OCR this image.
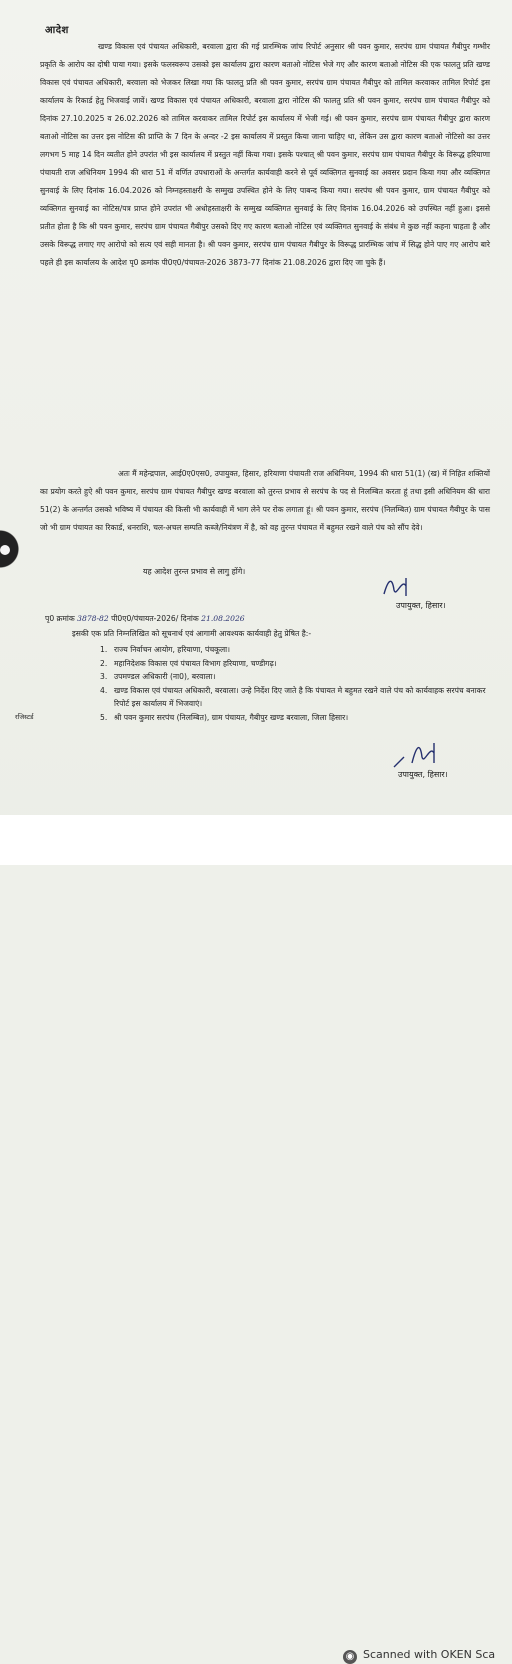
आदेश
खण्ड विकास एवं पंचायत अधिकारी, बरवाला द्वारा की गई प्रारम्भिक जांच रिपोर्ट अनुसार श्री पवन कुमार, सरपंच ग्राम पंचायत गैबीपुर गम्भीर प्रकृति के आरोप का दोषी पाया गया। इसके फलस्वरूप उसको इस कार्यालय द्वारा कारण बताओ नोटिस भेजे गए और कारण बताओ नोटिस की एक फालतु प्रति खण्ड विकास एवं पंचायत अधिकारी, बरवाला को भेजकर लिखा गया कि फालतु प्रति श्री पवन कुमार, सरपंच ग्राम पंचायत गैबीपुर को तामिल करवाकर तामिल रिपोर्ट इस कार्यालय के रिकार्ड हेतु भिजवाई जावें। खण्ड विकास एवं पंचायत अधिकारी, बरवाला द्वारा नोटिस की फालतु प्रति श्री पवन कुमार, सरपंच ग्राम पंचायत गैबीपुर को दिनांक 27.10.2025 व 26.02.2026 को तामिल करवाकर तामिल रिपोर्ट इस कार्यालय में भेजी गई। श्री पवन कुमार, सरपंच ग्राम पंचायत गैबीपुर द्वारा कारण बताओ नोटिस का उत्तर इस नोटिस की प्राप्ति के 7 दिन के अन्दर -2 इस कार्यालय में प्रस्तुत किया जाना चाहिए था, लेकिन उस द्वारा कारण बताओ नोटिसो का उत्तर लगभग 5 माह 14 दिन व्यतीत होने उपरांत भी इस कार्यालय में प्रस्तुत नहीं किया गया। इसके पश्चात् श्री पवन कुमार, सरपंच ग्राम पंचायत गैबीपुर के विरूद्ध हरियाणा पंचायती राज अधिनियम 1994 की धारा 51 में वर्णित उपधाराओं के अन्तर्गत कार्यवाही करने से पूर्व व्यक्तिगत सुनवाई का अवसर प्रदान किया गया और व्यक्तिगत सुनवाई के लिए दिनांक 16.04.2026 को निम्नहस्ताक्षरी के सम्मुख उपस्थित होने के लिए पाबन्द किया गया। सरपंच श्री पवन कुमार, ग्राम पंचायत गैबीपुर को व्यक्तिगत सुनवाई का नोटिस/पत्र प्राप्त होने उपरांत भी अधोहस्ताक्षरी के सम्मुख व्यक्तिगत सुनवाई के लिए दिनांक 16.04.2026 को उपस्थित नहीं हुआ। इससे प्रतीत होता है कि श्री पवन कुमार, सरपंच ग्राम पंचायत गैबीपुर उसको दिए गए कारण बताओ नोटिस एवं व्यक्तिगत सुनवाई के संबंध मे कुछ नहीं कहना चाहता है और उसके विरूद्ध लगाए गए आरोपो को सत्य एवं सही मानता है। श्री पवन कुमार, सरपंच ग्राम पंचायत गैबीपुर के विरूद्ध प्रारम्भिक जांच में सिद्ध होने पाए गए आरोप बारे पहले ही इस कार्यालय के आदेश पृ0 क्रमांक पी0ए0/पंचायत-2026 3873-77 दिनांक 21.08.2026 द्वारा दिए जा चुके हैं।
अतः मैं महेन्द्रपाल, आई0ए0एस0, उपायुक्त, हिसार, हरियाणा पंचायती राज अधिनियम, 1994 की धारा 51(1) (ख) में निहित शक्तियों का प्रयोग करते हुऐ श्री पवन कुमार, सरपंच ग्राम पंचायत गैबीपुर खण्ड बरवाला को तुरन्त प्रभाव से सरपंच के पद से निलम्बित करता हूं तथा इसी अधिनियम की धारा 51(2) के अन्तर्गत उसको भविष्य में पंचायत की किसी भी कार्यवाही में भाग लेने पर रोक लगाता हूं। श्री पवन कुमार, सरपंच (निलम्बित) ग्राम पंचायत गैबीपुर के पास जो भी ग्राम पंचायत का रिकार्ड, धनराशि, चल-अचल सम्पति कब्जे/नियंत्रण में है, को वह तुरन्त पंचायत में बहुमत रखने वाले पंच को सौंप देवे।
यह आदेश तुरन्त प्रभाव से लागु होंगे।
उपायुक्त, हिसार।
पृ0 क्रमांक 3878-82 पी0ए0/पंचायत-2026/ दिनांक 21.08.2026
इसकी एक प्रति निम्नलिखित को सूचनार्थ एवं आगामी आवश्यक कार्यवाही हेतु प्रेषित है:-
1. राज्य निर्वाचन आयोग, हरियाणा, पंचकूला।
2. महानिदेशक विकास एवं पंचायत विभाग हरियाणा, चण्डीगढ़।
3. उपमण्डल अधिकारी (ना0), बरवाला।
4. खण्ड विकास एवं पंचायत अधिकारी, बरवाला। उन्हे निर्देश दिए जाते है कि पंचायत मे बहुमत रखने वाले पंच को कार्यवाहक सरपंच बनाकर रिपोर्ट इस कार्यालय में भिजवाएं।
5. श्री पवन कुमार सरपंच (निलम्बित), ग्राम पंचायत, गैबीपुर खण्ड बरवाला, जिला हिसार।
रजिस्टर्ड
उपायुक्त, हिसार।
◉ Scanned with OKEN Sca
